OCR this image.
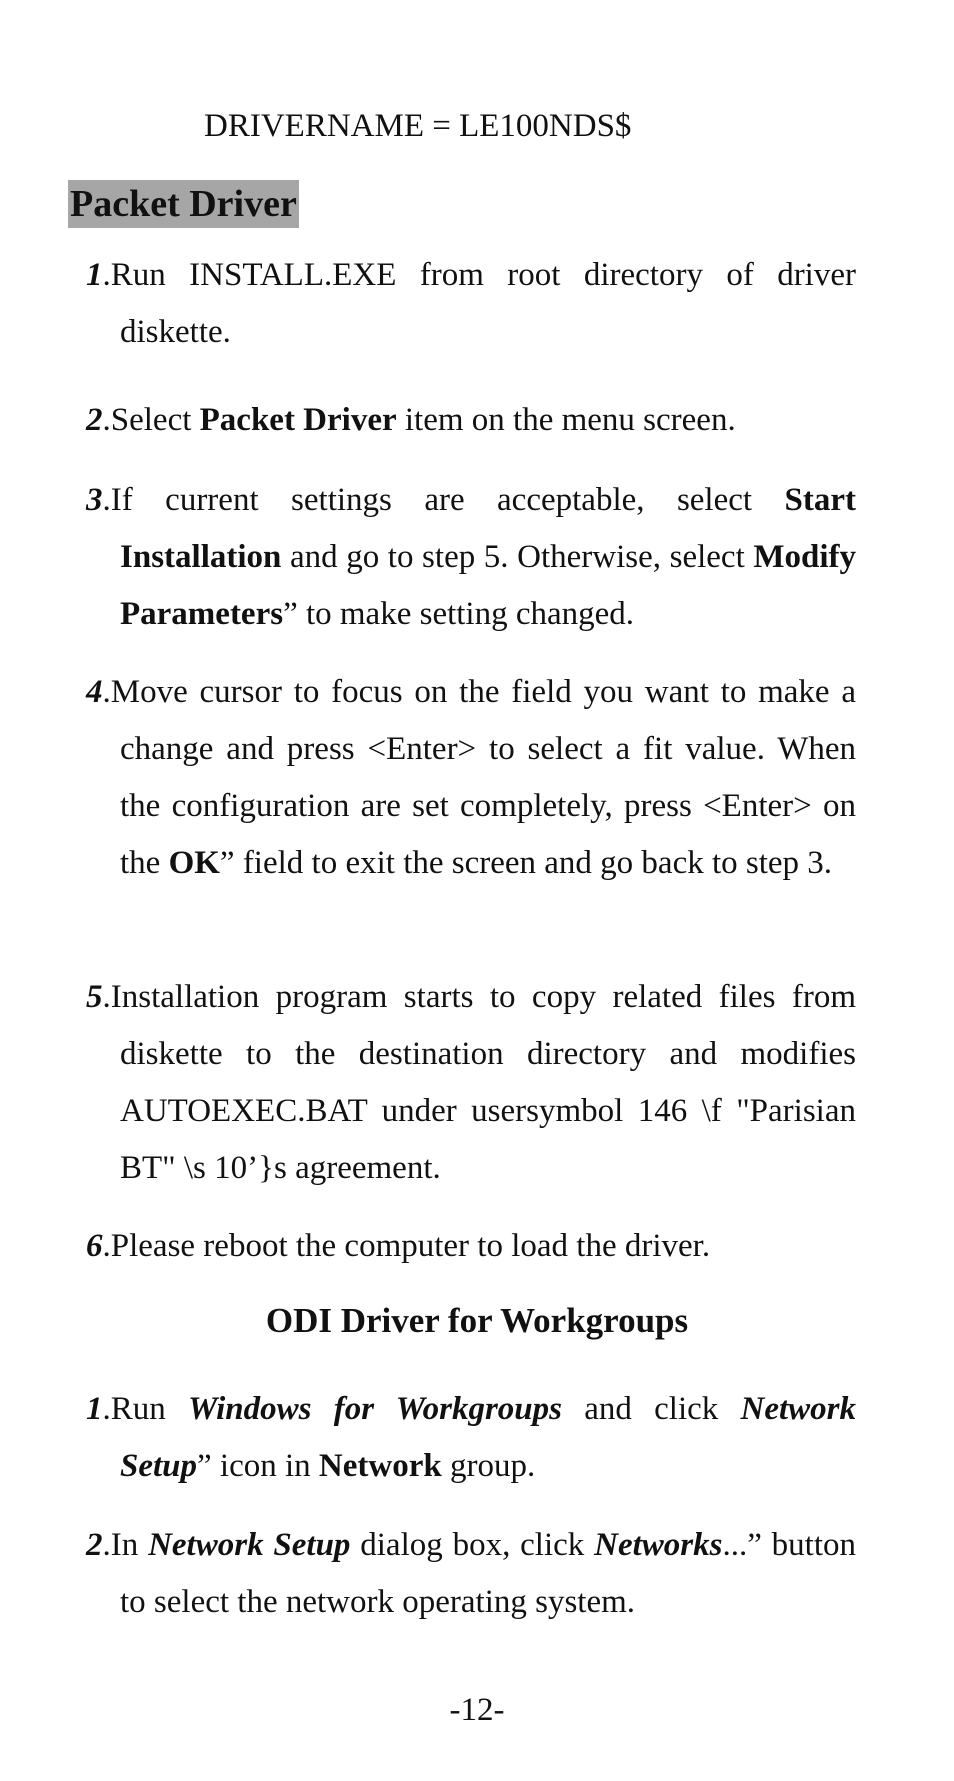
DRIVERNAME = LE100NDS$
Packet Driver

1.Run INSTALL.EXE from root directory of driver diskette.

2.Select Packet Driver item on the menu screen.

3.If current settings are acceptable, select Start Installation and go to step 5. Otherwise, select Modify Parameters” to make setting changed.

4.Move cursor to focus on the field you want to make a change and press <Enter> to select a fit value. When the configuration are set completely, press <Enter> on the OK” field to exit the screen and go back to step 3.

5.Installation program starts to copy related files from diskette to the destination directory and modifies AUTOEXEC.BAT under usersymbol 146 \f "Parisian BT" \s 10’}s agreement.

6.Please reboot the computer to load the driver.

ODI Driver for Workgroups

1.Run Windows for Workgroups and click Network Setup” icon in Network group.

2.In Network Setup dialog box, click Networks...” button to select the network operating system.

-12-
